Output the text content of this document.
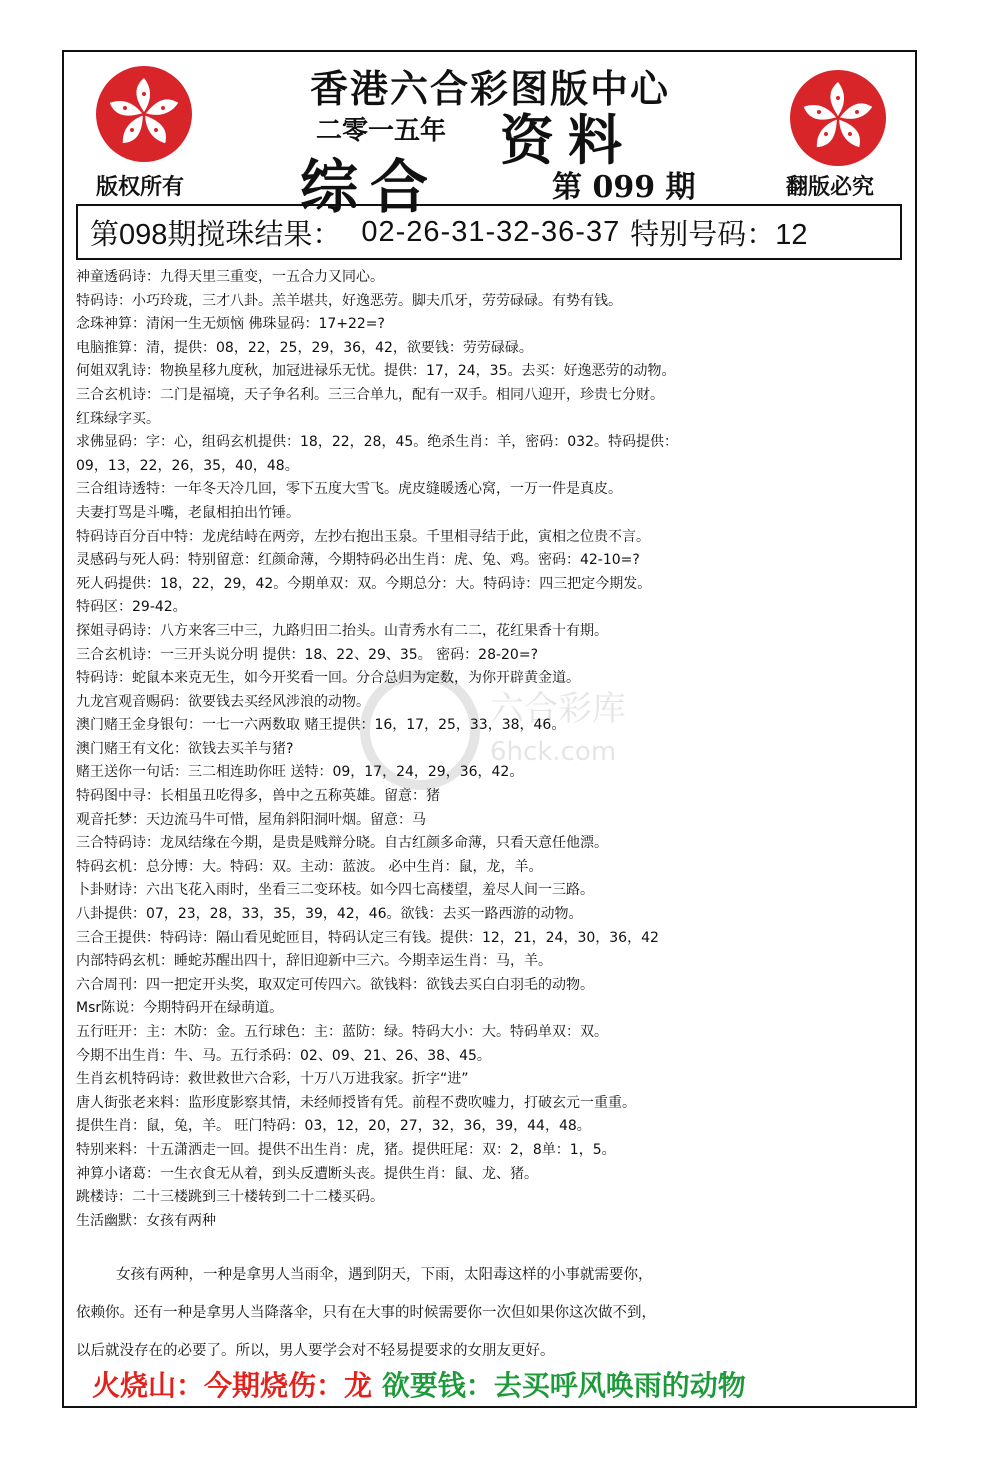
香港六合彩图版中心
二零一五年 资料
综合	第 099 期
版权所有	翻版必究
第098期搅珠结果： 02-26-31-32-36-37 特别号码：12
神童透码诗：九得天里三重变，一五合力又同心。
特码诗：小巧玲珑，三才八卦。羔羊堪共，好逸恶劳。脚夫爪牙，劳劳碌碌。有势有钱。
念珠神算：清闲一生无烦恼 佛珠显码：17+22=?
电脑推算：清，提供：08，22，25，29，36，42，欲要钱：劳劳碌碌。
何姐双乳诗：物换星移九度秋，加冠进禄乐无忧。提供：17，24，35。去买：好逸恶劳的动物。
三合玄机诗：二门是福境，天子争名利。三三合单九，配有一双手。相同八迎开，珍贵七分财。
红珠绿字买。
求佛显码：字：心，组码玄机提供：18，22，28，45。绝杀生肖：羊，密码：032。特码提供：
09，13，22，26，35，40，48。
三合组诗透特：一年冬天冷几回，零下五度大雪飞。虎皮缝暖透心窝，一万一件是真皮。
夫妻打骂是斗嘴，老鼠相拍出竹锤。
特码诗百分百中特：龙虎结峙在两旁，左抄右抱出玉泉。千里相寻结于此，寅相之位贵不言。
灵感码与死人码：特别留意：红颜命薄，今期特码必出生肖：虎、兔、鸡。密码：42-10=?
死人码提供：18，22，29，42。今期单双：双。今期总分：大。特码诗：四三把定今期发。
特码区：29-42。
探姐寻码诗：八方来客三中三，九路归田二抬头。山青秀水有二二，花红果香十有期。
三合玄机诗：一三开头说分明 提供：18、22、29、35。 密码：28-20=?
特码诗：蛇鼠本来克无生，如今开奖看一回。分合总归为定数，为你开辟黄金道。
九龙宫观音赐码：欲要钱去买经风涉浪的动物。
澳门赌王金身银句：一七一六两数取 赌王提供：16，17，25，33，38，46。
澳门赌王有文化：欲钱去买羊与猪?
赌王送你一句话：三二相连助你旺 送特：09，17，24，29，36，42。
特码图中寻：长相虽丑吃得多，兽中之五称英雄。留意：猪
观音托梦：天边流马牛可惜，屋角斜阳洞叶烟。留意：马
三合特码诗：龙凤结缘在今期，是贵是贱辩分晓。自古红颜多命薄，只看天意任他漂。
特码玄机：总分博：大。特码：双。主动：蓝波。 必中生肖：鼠，龙，羊。
卜卦财诗：六出飞花入雨时，坐看三二变环枝。如今四七高楼望，羞尽人间一三路。
八卦提供：07，23，28，33，35，39，42，46。欲钱：去买一路西游的动物。
三合王提供：特码诗：隔山看见蛇匝目，特码认定三有钱。提供：12，21，24，30，36，42
内部特码玄机：睡蛇苏醒出四十，辞旧迎新中三六。今期幸运生肖：马，羊。
六合周刊：四一把定开头奖，取双定可传四六。欲钱料：欲钱去买白白羽毛的动物。
Msr陈说：今期特码开在绿萌道。
五行旺开：主：木防：金。五行球色：主：蓝防：绿。特码大小：大。特码单双：双。
今期不出生肖：牛、马。五行杀码：02、09、21、26、38、45。
生肖玄机特码诗：救世救世六合彩，十万八万进我家。折字“进”
唐人街张老来料：监形度影察其情，未经师授皆有凭。前程不费吹嘘力，打破玄元一重重。
提供生肖：鼠，兔，羊。 旺门特码：03，12，20，27，32，36，39，44，48。
特别来料：十五潇洒走一回。提供不出生肖：虎，猪。提供旺尾：双：2，8单：1，5。
神算小诸葛：一生衣食无从着，到头反遭断头丧。提供生肖：鼠、龙、猪。
跳楼诗：二十三楼跳到三十楼转到二十二楼买码。
生活幽默：女孩有两种
六合彩库
6hck.com
女孩有两种，一种是拿男人当雨伞，遇到阴天，下雨，太阳毒这样的小事就需要你，
依赖你。还有一种是拿男人当降落伞，只有在大事的时候需要你一次但如果你这次做不到，
以后就没存在的必要了。所以，男人要学会对不轻易提要求的女朋友更好。
火烧山：今期烧伤：龙 欲要钱：去买呼风唤雨的动物
